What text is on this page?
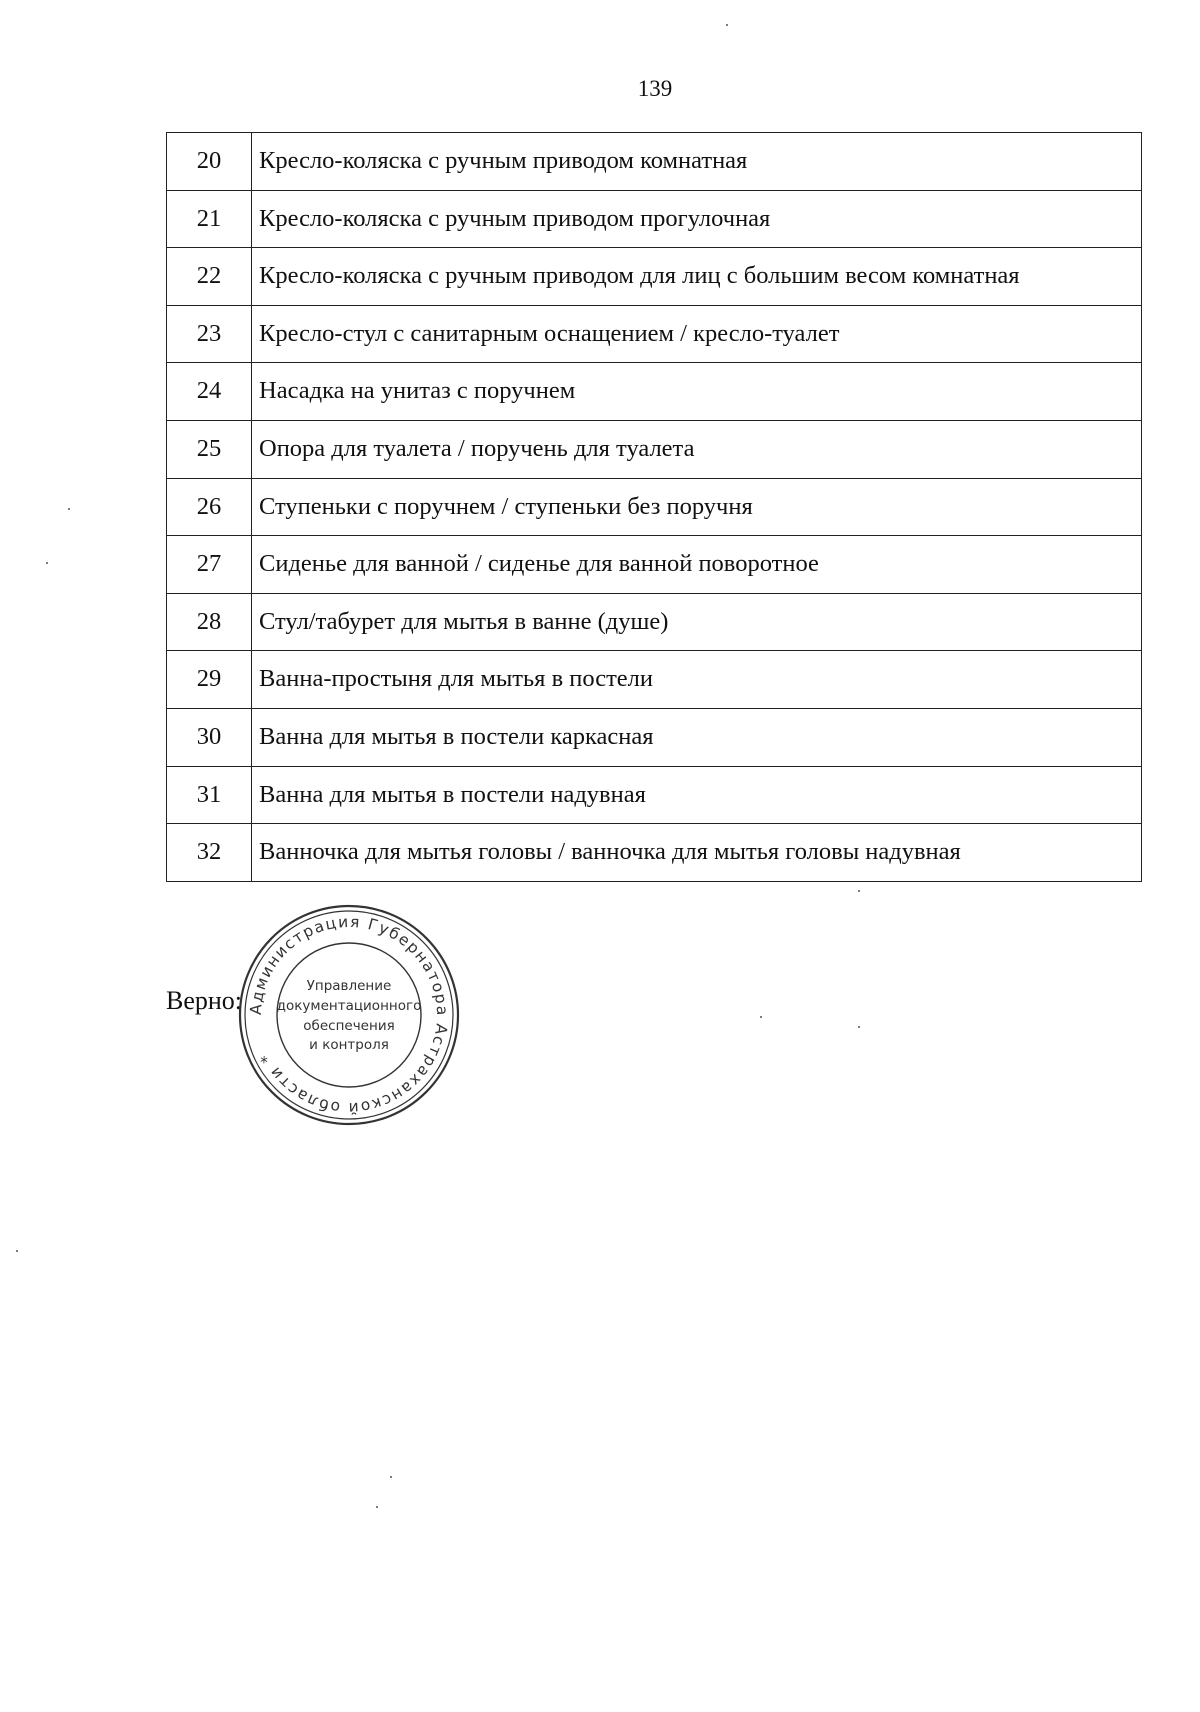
139
20	Кресло-коляска с ручным приводом комнатная
21	Кресло-коляска с ручным приводом прогулочная
22	Кресло-коляска с ручным приводом для лиц с большим весом комнатная
23	Кресло-стул с санитарным оснащением / кресло-туалет
24	Насадка на унитаз с поручнем
25	Опора для туалета / поручень для туалета
26	Ступеньки с поручнем / ступеньки без поручня
27	Сиденье для ванной / сиденье для ванной поворотное
28	Стул/табурет для мытья в ванне (душе)
29	Ванна-простыня для мытья в постели
30	Ванна для мытья в постели каркасная
31	Ванна для мытья в постели надувная
32	Ванночка для мытья головы / ванночка для мытья головы надувная
Верно: Администрация Губернатора Астраханской области *
Управление
документационного
обеспечения
и контроля
